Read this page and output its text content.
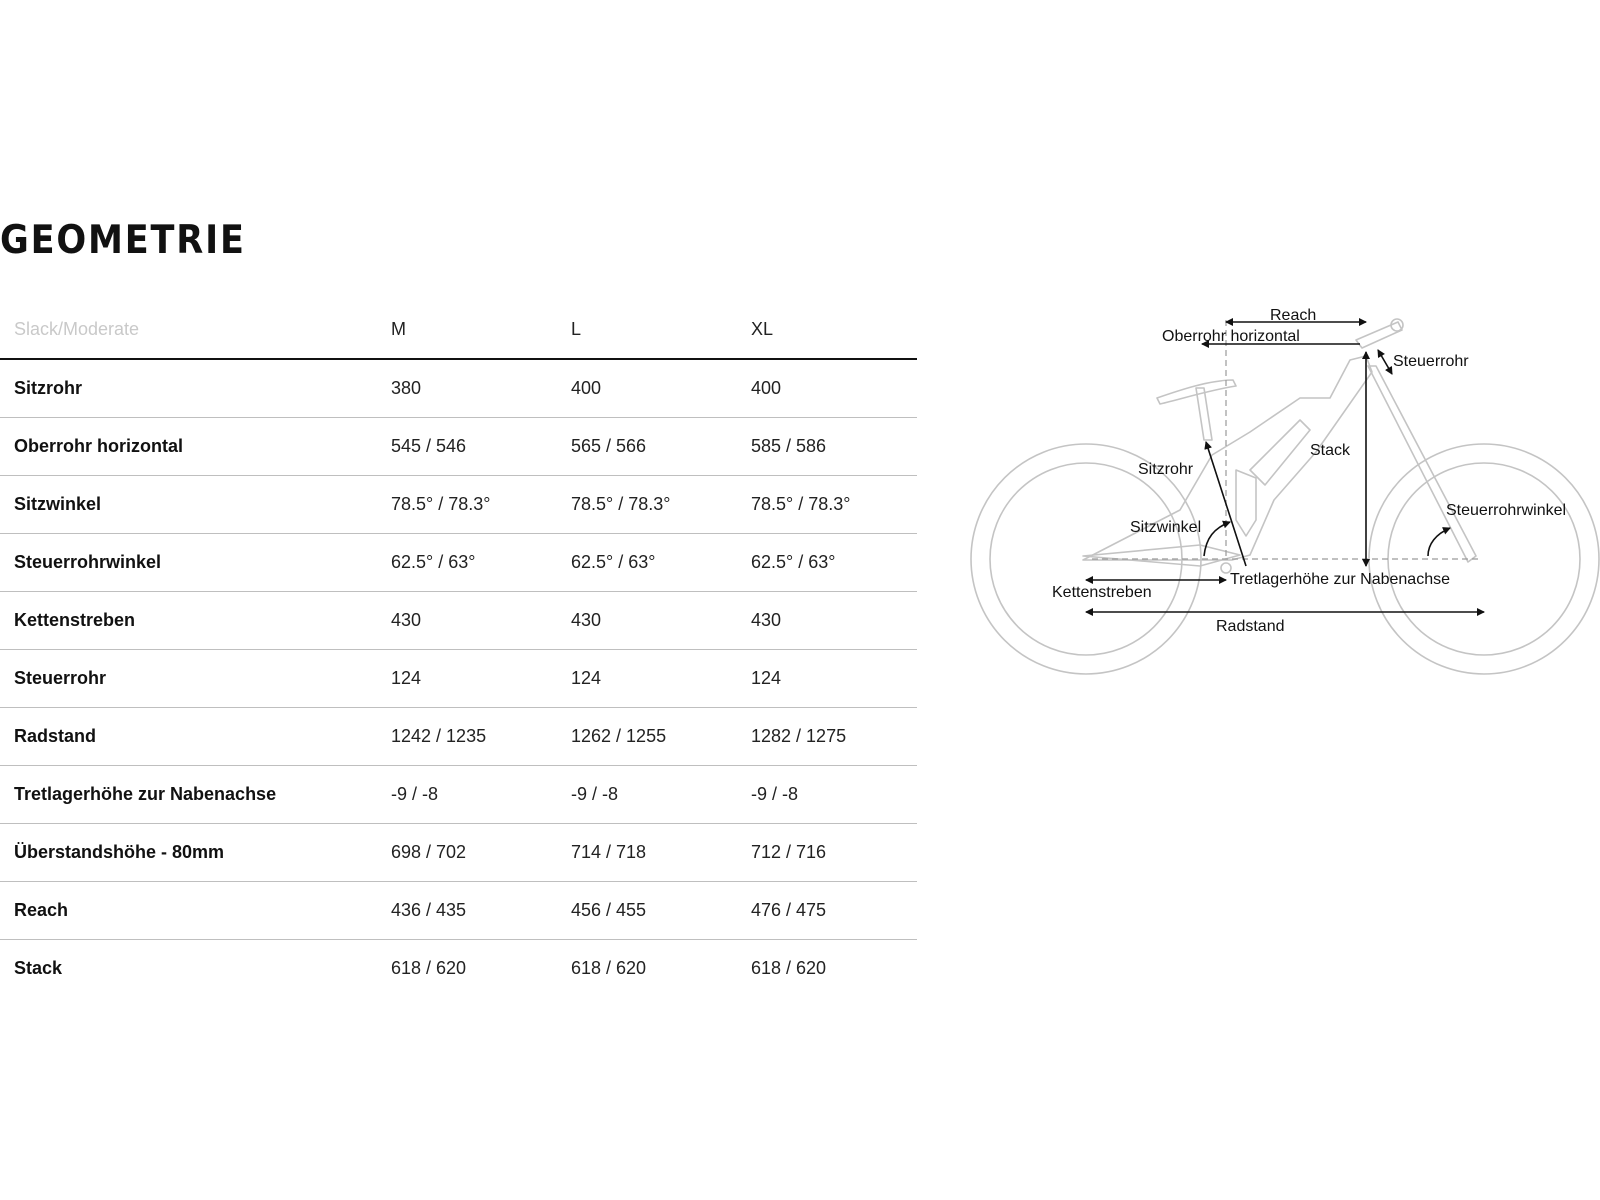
GEOMETRIE
Slack/Moderate	M	L	XL
Sitzrohr	380	400	400
Oberrohr horizontal	545 / 546	565 / 566	585 / 586
Sitzwinkel	78.5° / 78.3°	78.5° / 78.3°	78.5° / 78.3°
Steuerrohrwinkel	62.5° / 63°	62.5° / 63°	62.5° / 63°
Kettenstreben	430	430	430
Steuerrohr	124	124	124
Radstand	1242 / 1235	1262 / 1255	1282 / 1275
Tretlagerhöhe zur Nabenachse	-9 / -8	-9 / -8	-9 / -8
Überstandshöhe - 80mm	698 / 702	714 / 718	712 / 716
Reach	436 / 435	456 / 455	476 / 475
Stack	618 / 620	618 / 620	618 / 620
Reach
Oberrohr horizontal
Steuerrohr
Stack
Sitzrohr
Steuerrohrwinkel
Sitzwinkel
Kettenstreben
Tretlagerhöhe zur Nabenachse
Radstand
